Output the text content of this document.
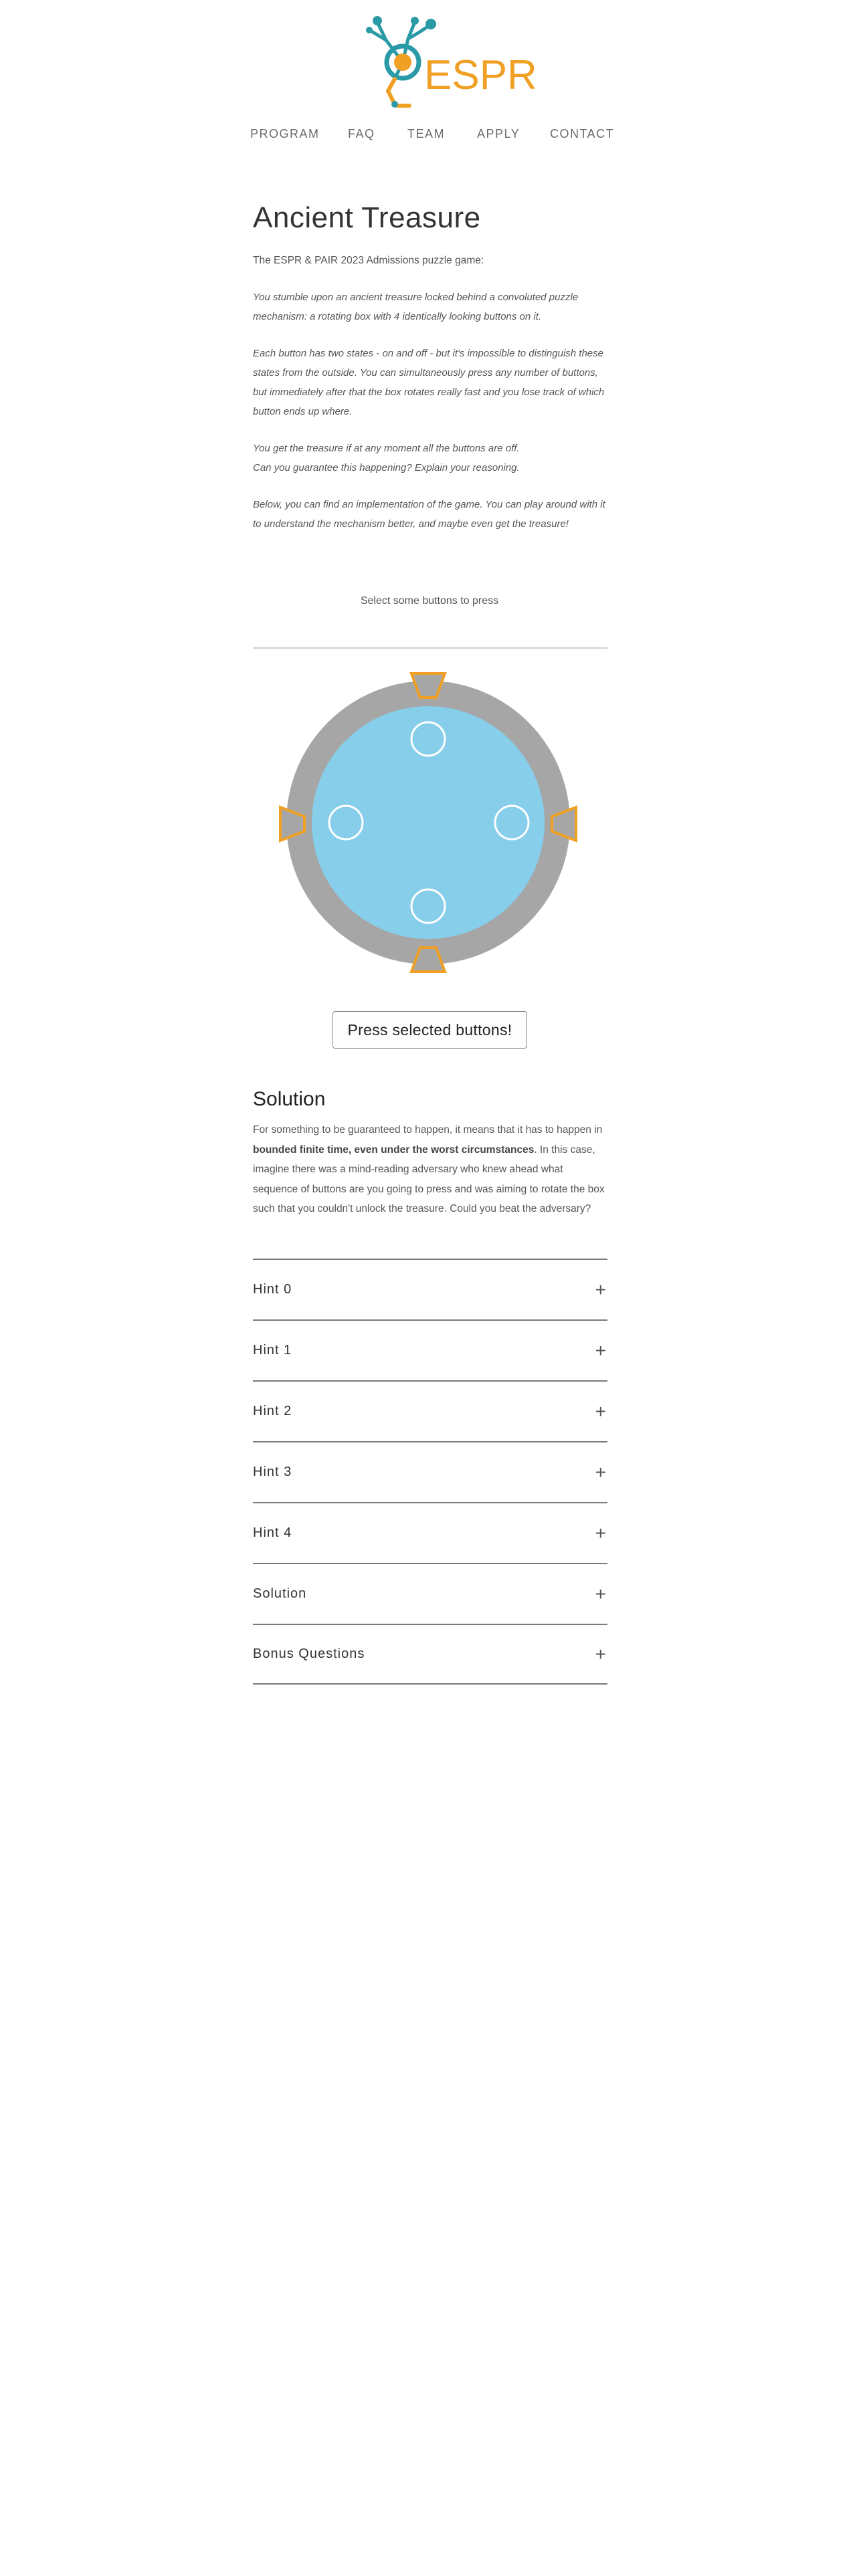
ESPR
PROGRAM FAQ	TEAM	APPLY CONTACT
Ancient Treasure

The ESPR & PAIR 2023 Admissions puzzle game:

You stumble upon an ancient treasure locked behind a convoluted puzzle mechanism: a rotating box with 4 identically looking buttons on it.

Each button has two states - on and off - but it's impossible to distinguish these states from the outside. You can simultaneously press any number of buttons, but immediately after that the box rotates really fast and you lose track of which button ends up where.

You get the treasure if at any moment all the buttons are off.
Can you guarantee this happening? Explain your reasoning.

Below, you can find an implementation of the game. You can play around with it to understand the mechanism better, and maybe even get the treasure!

Select some buttons to press
Press selected buttons!
Solution

For something to be guaranteed to happen, it means that it has to happen in bounded finite time, even under the worst circumstances. In this case, imagine there was a mind-reading adversary who knew ahead what sequence of buttons are you going to press and was aiming to rotate the box such that you couldn't unlock the treasure. Could you beat the adversary?

Hint 0	+
Hint 1	+
Hint 2	+
Hint 3	+
Hint 4	+
Solution	+
Bonus Questions	+
